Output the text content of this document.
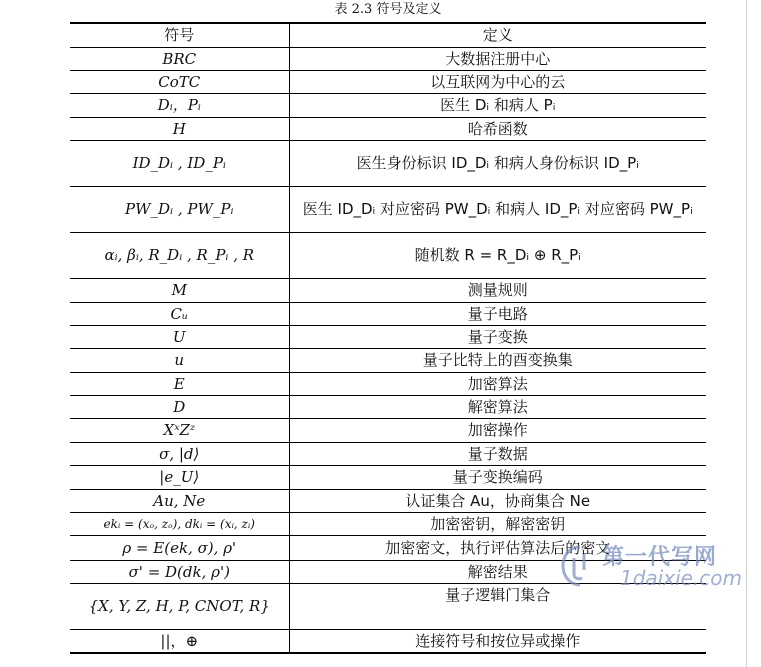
表 2.3 符号及定义
符号	定义
BRC	大数据注册中心
CoTC	以互联网为中心的云
Dᵢ，Pᵢ	医生 Dᵢ 和病人 Pᵢ
H	哈希函数
ID_Dᵢ , ID_Pᵢ	医生身份标识 ID_Dᵢ 和病人身份标识 ID_Pᵢ
PW_Dᵢ , PW_Pᵢ	医生 ID_Dᵢ 对应密码 PW_Dᵢ 和病人 ID_Pᵢ 对应密码 PW_Pᵢ
αᵢ, βᵢ, R_Dᵢ , R_Pᵢ , R	随机数 R = R_Dᵢ ⊕ R_Pᵢ
M	测量规则
Cᵤ	量子电路
U	量子变换
u	量子比特上的酉变换集
E	加密算法
D	解密算法
XˣZᶻ	加密操作
σ, |d⟩	量子数据
|e_U⟩	量子变换编码
Au, Ne	认证集合 Au，协商集合 Ne
ekᵢ = (xₒ, zₒ), dkᵢ = (xᵢ, zᵢ)	加密密钥，解密密钥
ρ = E(ek, σ), ρ'	加密密文，执行评估算法后的密文
σ' = D(dk, ρ')	解密结果
{X, Y, Z, H, P, CNOT, R}	量子逻辑门集合
||，⊕	连接符号和按位异或操作
第一代写网
1daixie.com
